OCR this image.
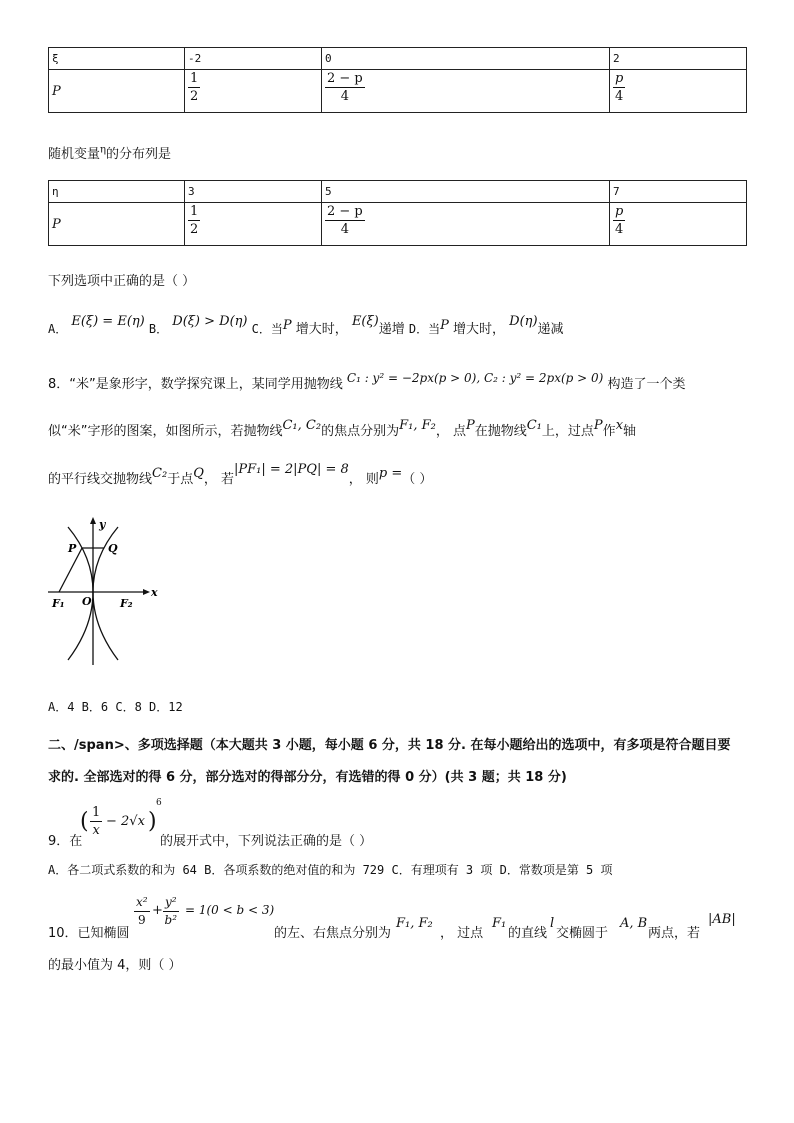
ξ	-2	0	2
P	$\frac{1}{2}$	$\frac{2 - p}{4}$	$\frac{p}{4}$
随机变量$^\eta$的分布列是
η	3	5	7
P	$\frac{1}{2}$	$\frac{2 - p}{4}$	$\frac{p}{4}$
下列选项中正确的是（ ）
A． E(ξ) = E(η) B． D(ξ) > D(η) C．当P 增大时， E(ξ)递增 D．当P 增大时， D(η)递减
8．“米”是象形字，数学探究课上，某同学用抛物线 C₁ : y² = −2px(p > 0), C₂ : y² = 2px(p > 0) 构造了一个类
似“米”字形的图案，如图所示，若抛物线C₁, C₂的焦点分别为F₁, F₂， 点P在抛物线C₁上，过点P作x轴
的平行线交抛物线C₂于点Q， 若|PF₁| = 2|PQ| = 8， 则p =（ ）
y
x
P	Q
O
F₁	F₂
A．4 B．6 C．8 D．12
二、/span>、多项选择题（本大题共 3 小题，每小题 6 分，共 18 分. 在每小题给出的选项中，有多项是符合题目要
求的. 全部选对的得 6 分，部分选对的得部分分，有选错的得 0 分）(共 3 题；共 18 分)
9．在
( $\frac{1}{x} - 2√x$ )
6
的展开式中，下列说法正确的是（ ）
A．各二项式系数的和为 64 B．各项系数的绝对值的和为 729 C．有理项有 3 项 D．常数项是第 5 项
10．已知椭圆
$\frac{\text{x²}}{9} + \frac{\text{y²}}{\text{b²}} = 1(0 < b < 3)$
的左、右焦点分别为
F₁, F₂
， 过点
F₁
的直线
l
交椭圆于
A, B
两点，若
|AB|
的最小值为 4，则（ ）
